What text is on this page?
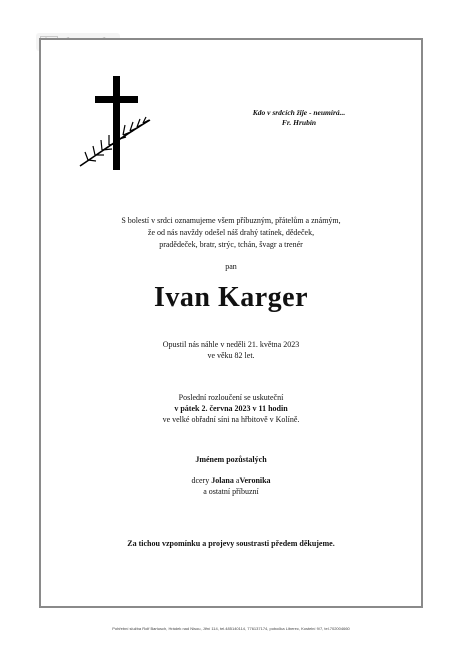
Kdo v srdcích žije - neumírá...
Fr. Hrubín
S bolestí v srdci oznamujeme všem příbuzným, přátelům a známým,
že od nás navždy odešel náš drahý tatínek, dědeček,
pradědeček, bratr, strýc, tchán, švagr a trenér
pan
Ivan Karger
Opustil nás náhle v neděli 21. května 2023
ve věku 82 let.
Poslední rozloučení se uskuteční
v pátek 2. června 2023 v 11 hodin
ve velké obřadní síni na hřbitově v Kolíně.
Jménem pozůstalých
dcery Jolana aVeronika
a ostatní příbuzní
Za tichou vzpomínku a projevy soustrasti předem děkujeme.
Pohřební služba Rolf Bartusch, Hrádek nad Nisou, Jiřní 114, tel.485140114, 776137174, pobočka Liberec, Kostelní 9/7, tel.702004660
